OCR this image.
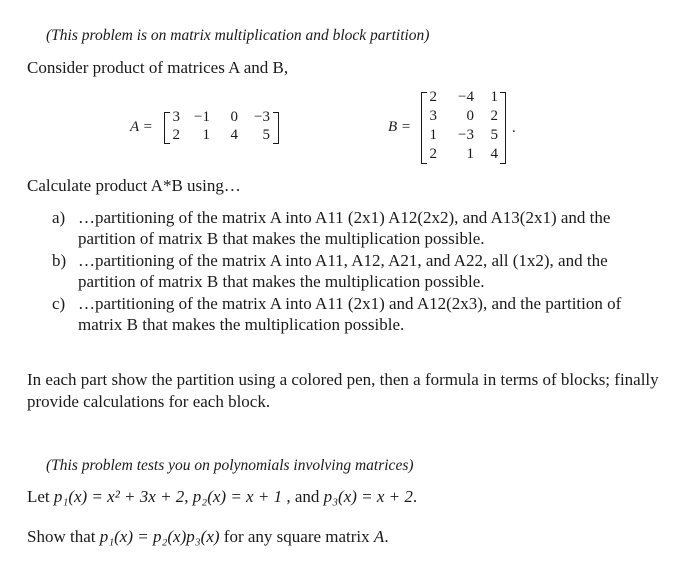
(This problem is on matrix multiplication and block partition)
Consider product of matrices A and B,
A =
3 −1	0	−3
2	1	4	5	B =
2	−4	1
3	0	2
1	−3	5
2	1	4
.
Calculate product A*B using…
a) …partitioning of the matrix A into A11 (2x1) A12(2x2), and A13(2x1) and the
partition of matrix B that makes the multiplication possible.
b) …partitioning of the matrix A into A11, A12, A21, and A22, all (1x2), and the
partition of matrix B that makes the multiplication possible.
c) …partitioning of the matrix A into A11 (2x1) and A12(2x3), and the partition of
matrix B that makes the multiplication possible.
In each part show the partition using a colored pen, then a formula in terms of blocks; finally
provide calculations for each block.
(This problem tests you on polynomials involving matrices)
Let p₁(x) = x² + 3x + 2, p₂(x) = x + 1 , and p₃(x) = x + 2.
Show that p₁(x) = p₂(x)p₃(x) for any square matrix A.
